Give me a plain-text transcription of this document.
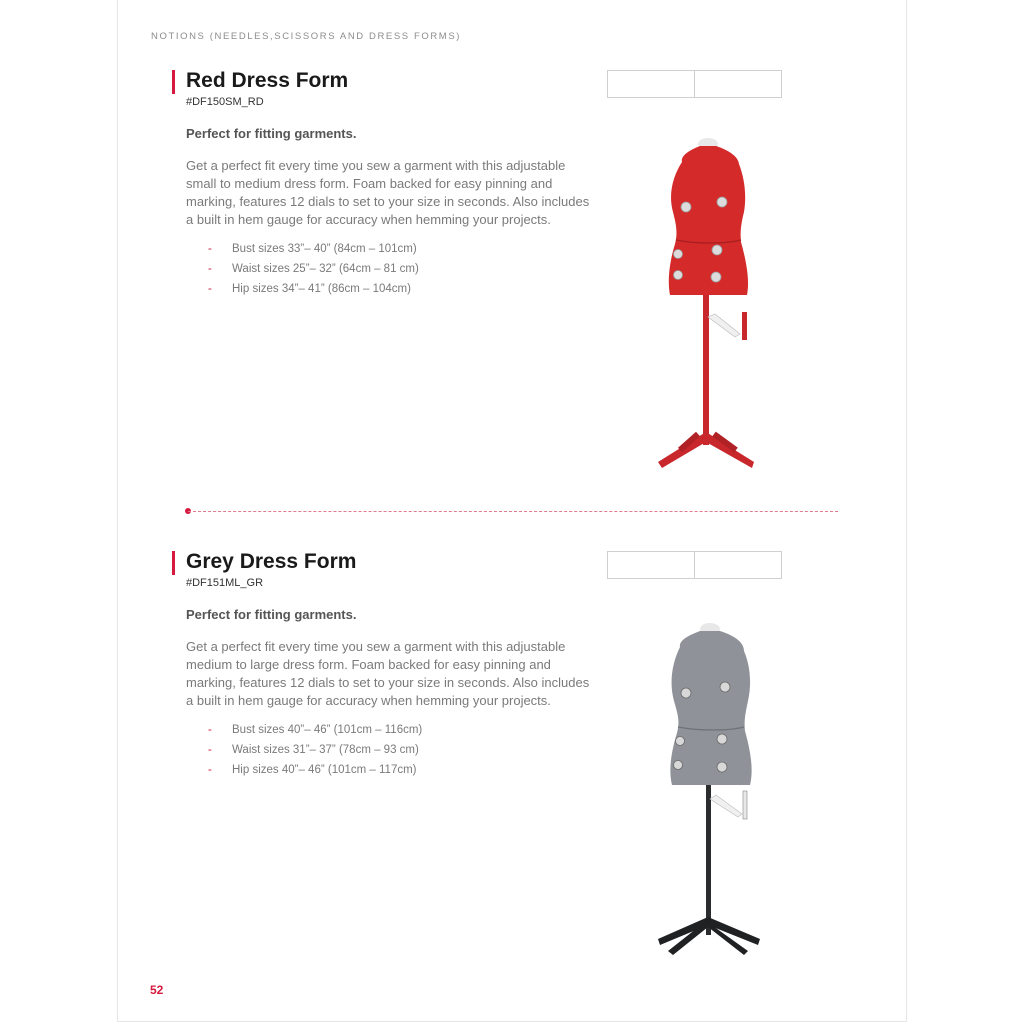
NOTIONS (NEEDLES,SCISSORS AND DRESS FORMS)
Red Dress Form
#DF150SM_RD
Perfect for fitting garments.
Get a perfect fit every time you sew a garment with this adjustable small to medium dress form. Foam backed for easy pinning and marking, features 12 dials to set to your size in seconds. Also includes a built in hem gauge for accuracy when hemming your projects.
- Bust sizes 33”– 40” (84cm – 101cm)
- Waist sizes 25”– 32” (64cm – 81 cm)
- Hip sizes 34”– 41” (86cm – 104cm)
Grey Dress Form
#DF151ML_GR
Perfect for fitting garments.
Get a perfect fit every time you sew a garment with this adjustable medium to large dress form. Foam backed for easy pinning and marking, features 12 dials to set to your size in seconds. Also includes a built in hem gauge for accuracy when hemming your projects.
- Bust sizes 40”– 46” (101cm – 116cm)
- Waist sizes 31”– 37” (78cm – 93 cm)
- Hip sizes 40”– 46” (101cm – 117cm)
52
